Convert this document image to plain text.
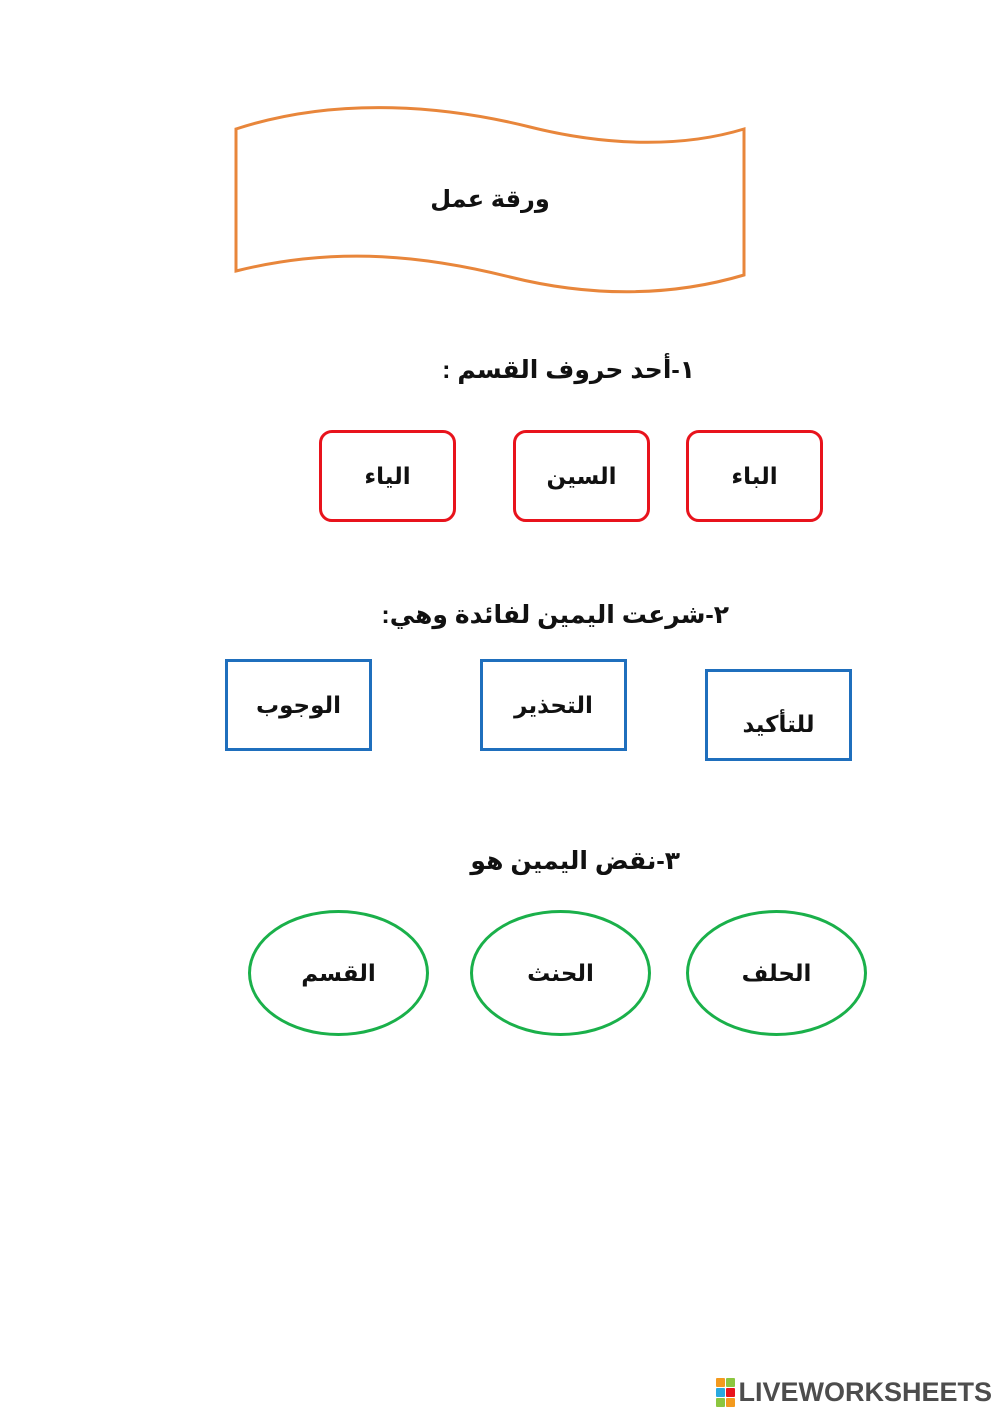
ورقة عمل
١-أحد حروف القسم :
الباء
السين
الياء
٢-شرعت اليمين لفائدة وهي:
للتأكيد
التحذير
الوجوب
٣-نقض اليمين هو
الحلف
الحنث
القسم
LIVEWORKSHEETS
